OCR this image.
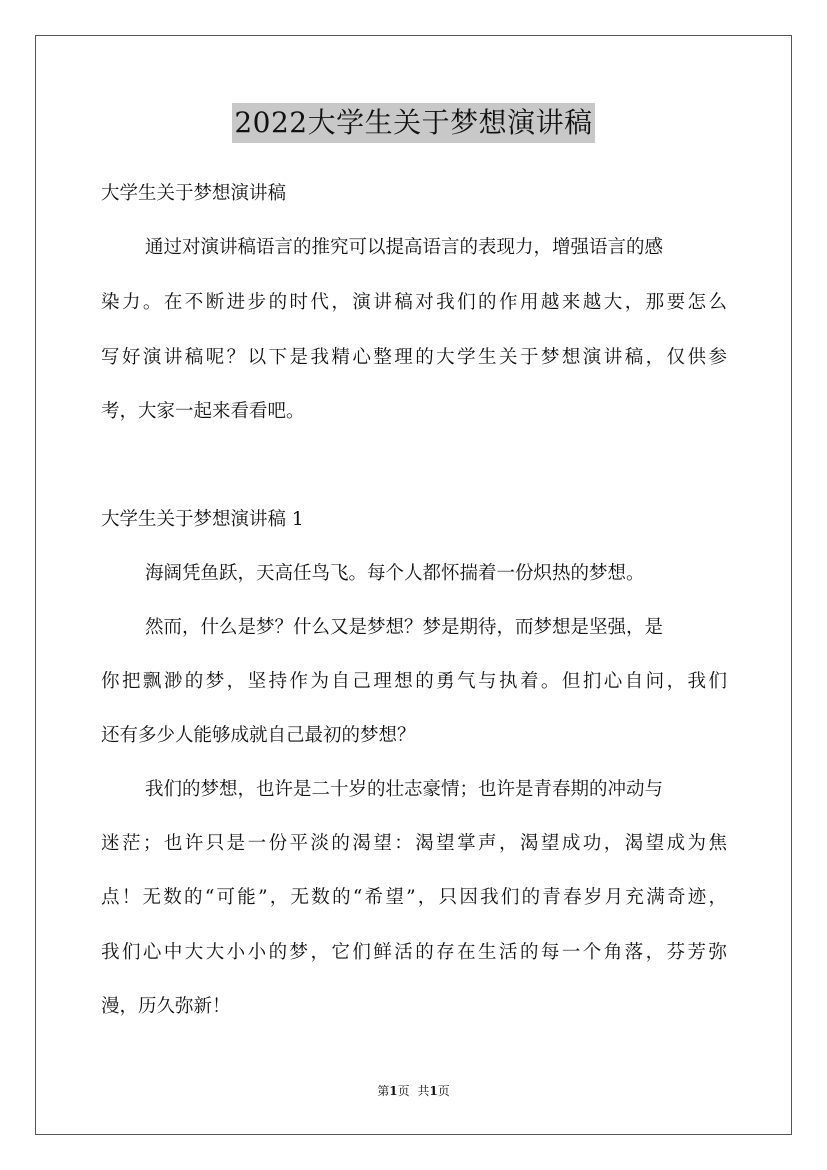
2022大学生关于梦想演讲稿
大学生关于梦想演讲稿
通过对演讲稿语言的推究可以提高语言的表现力，增强语言的感
染力。在不断进步的时代，演讲稿对我们的作用越来越大，那要怎么
写好演讲稿呢？以下是我精心整理的大学生关于梦想演讲稿，仅供参
考，大家一起来看看吧。
大学生关于梦想演讲稿 1
海阔凭鱼跃，天高任鸟飞。每个人都怀揣着一份炽热的梦想。
然而，什么是梦？什么又是梦想？梦是期待，而梦想是坚强，是
你把飘渺的梦，坚持作为自己理想的勇气与执着。但扪心自问，我们
还有多少人能够成就自己最初的梦想？
我们的梦想，也许是二十岁的壮志豪情；也许是青春期的冲动与
迷茫；也许只是一份平淡的渴望：渴望掌声，渴望成功，渴望成为焦
点！无数的“可能”，无数的“希望”，只因我们的青春岁月充满奇迹，
我们心中大大小小的梦，它们鲜活的存在生活的每一个角落，芬芳弥
漫，历久弥新！
第1页 共1页
